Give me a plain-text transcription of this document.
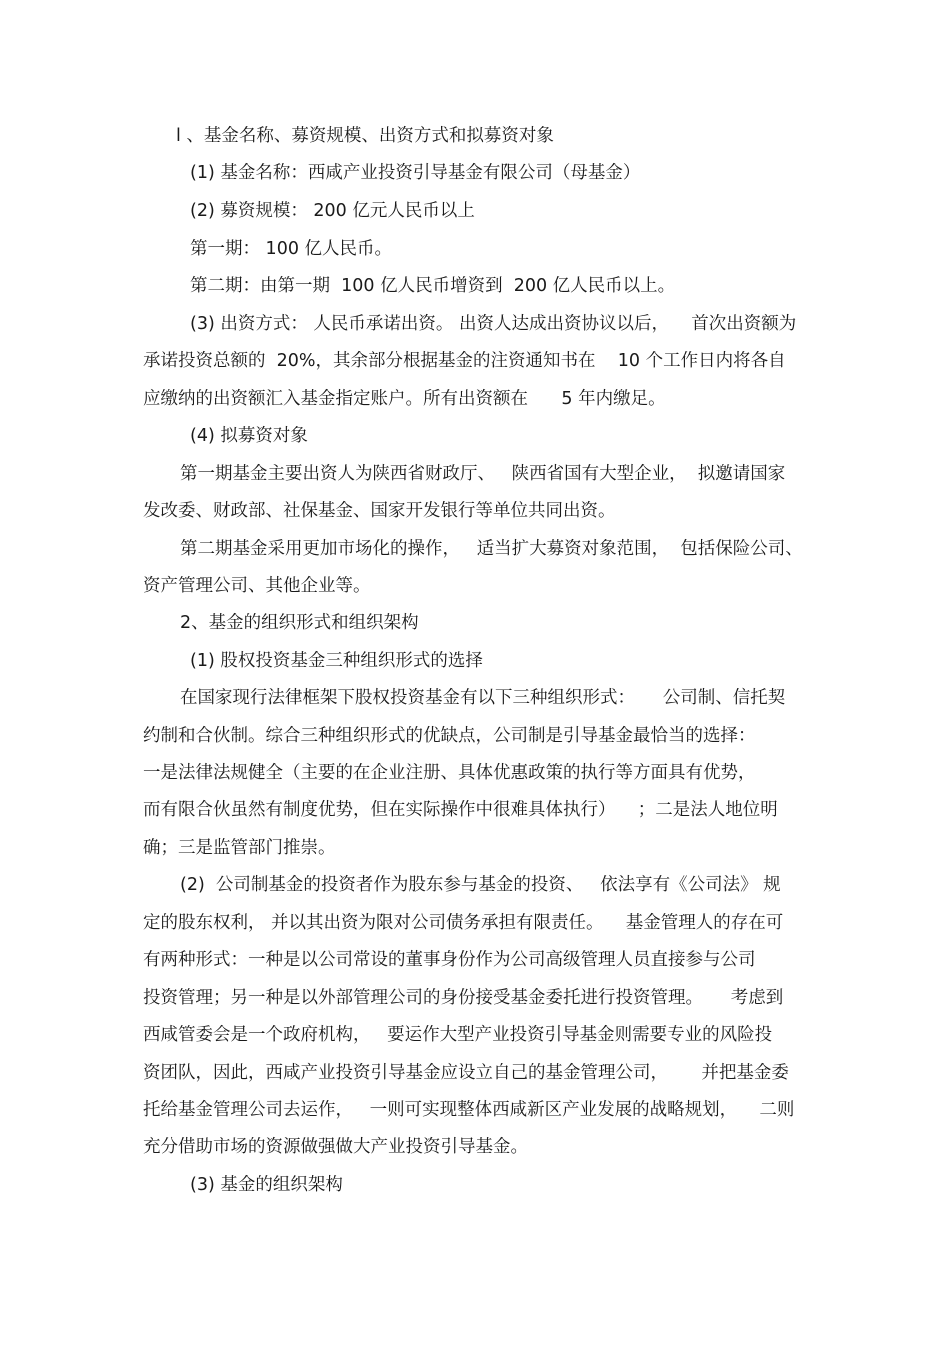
l 、基金名称、募资规模、出资方式和拟募资对象
(1) 基金名称：西咸产业投资引导基金有限公司（母基金）
(2) 募资规模： 200 亿元人民币以上
第一期： 100 亿人民币。
第二期：由第一期  100 亿人民币增资到  200 亿人民币以上。
(3) 出资方式： 人民币承诺出资。 出资人达成出资协议以后，    首次出资额为
承诺投资总额的  20%，其余部分根据基金的注资通知书在    10 个工作日内将各自
应缴纳的出资额汇入基金指定账户。所有出资额在      5 年内缴足。
(4) 拟募资对象
第一期基金主要出资人为陕西省财政厅、   陕西省国有大型企业，  拟邀请国家
发改委、财政部、社保基金、国家开发银行等单位共同出资。
第二期基金采用更加市场化的操作，   适当扩大募资对象范围，  包括保险公司、
资产管理公司、其他企业等。
2、基金的组织形式和组织架构
(1) 股权投资基金三种组织形式的选择
在国家现行法律框架下股权投资基金有以下三种组织形式：     公司制、信托契
约制和合伙制。综合三种组织形式的优缺点，公司制是引导基金最恰当的选择：
一是法律法规健全（主要的在企业注册、具体优惠政策的执行等方面具有优势，
而有限合伙虽然有制度优势，但在实际操作中很难具体执行）    ；二是法人地位明
确；三是监管部门推崇。
(2)  公司制基金的投资者作为股东参与基金的投资、   依法享有《公司法》 规
定的股东权利， 并以其出资为限对公司债务承担有限责任。    基金管理人的存在可
有两种形式：一种是以公司常设的董事身份作为公司高级管理人员直接参与公司
投资管理；另一种是以外部管理公司的身份接受基金委托进行投资管理。     考虑到
西咸管委会是一个政府机构，   要运作大型产业投资引导基金则需要专业的风险投
资团队，因此，西咸产业投资引导基金应设立自己的基金管理公司，      并把基金委
托给基金管理公司去运作，   一则可实现整体西咸新区产业发展的战略规划，    二则
充分借助市场的资源做强做大产业投资引导基金。
(3) 基金的组织架构
